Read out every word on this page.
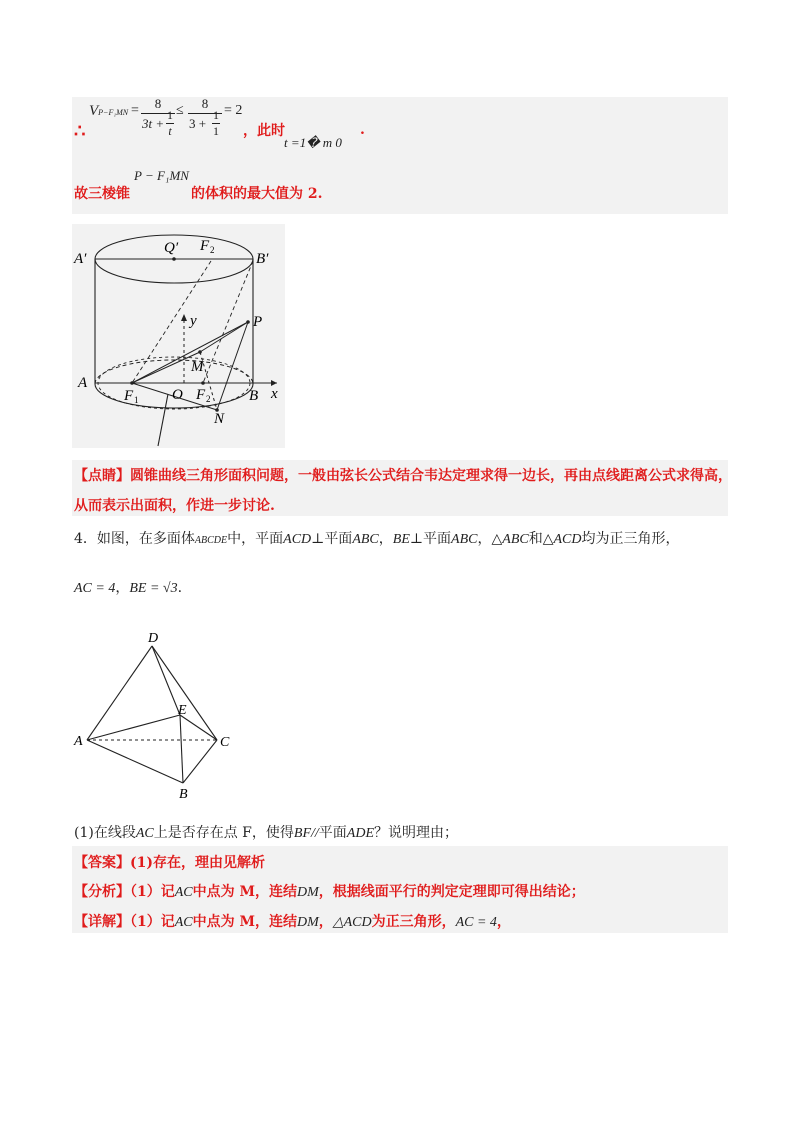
∴
VP−F₁MN =	8
3t +
1
t
≤	8
3 +
1
1
= 2
，此时
t =1� m 0
.
故三棱锥
P − F₁MN
的体积的最大值为 2.
A′
Q′ F 2
B′
y	P
M
A
F 1 O F 2	B x
N
【点睛】圆锥曲线三角形面积问题，一般由弦长公式结合韦达定理求得一边长，再由点线距离公式求得高，
从而表示出面积，作进一步讨论.
4．如图，在多面体ABCDE中，平面ACD⊥平面ABC，BE⊥平面ABC，△ABC和△ACD均为正三角形，
AC = 4，BE = √3.
D
E
A	C
B
(1)在线段AC上是否存在点 F，使得BF//平面ADE？说明理由；
【答案】(1)存在，理由见解析
【分析】（1）记AC中点为 M，连结DM，根据线面平行的判定定理即可得出结论；
【详解】（1）记AC中点为 M，连结DM，△ACD为正三角形，AC = 4，
